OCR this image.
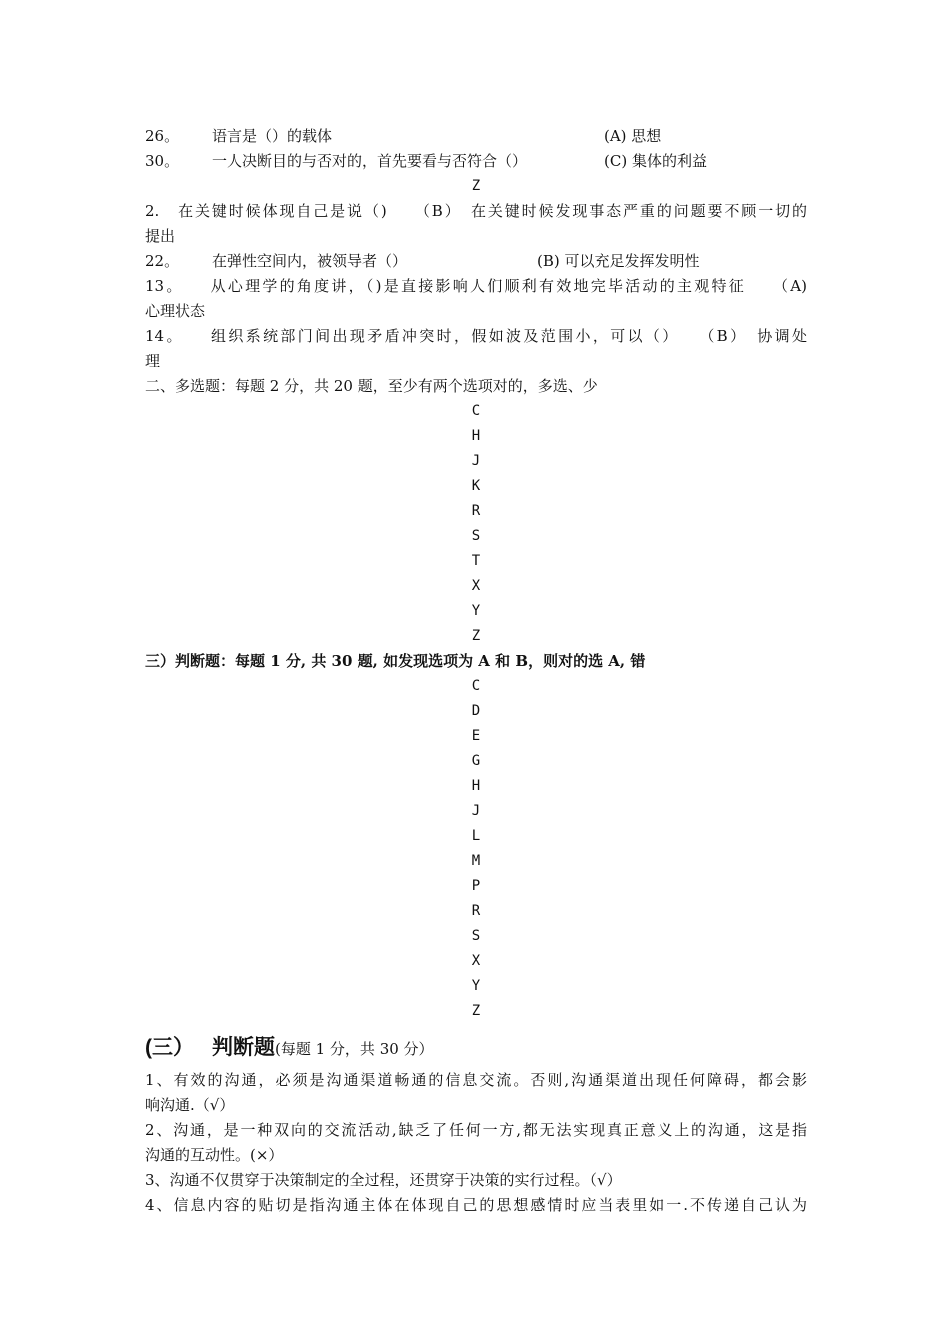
26。 语言是（）的载体	(A) 思想
30。 一人决断目的与否对的，首先要看与否符合（）	(C) 集体的利益
Z
2.　在关键时候体现自己是说（)　　（B）　在关键时候发现事态严重的问题要不顾一切的
提出
22。 在弹性空间内，被领导者（）	(B) 可以充足发挥发明性
13。　　从心理学的角度讲，（)是直接影响人们顺利有效地完毕活动的主观特征　　（A)
心理状态
14。　　组织系统部门间出现矛盾冲突时，假如波及范围小，可以（）　　（B）　协调处
理
二、多选题：每题 2 分，共 20 题，至少有两个选项对的，多选、少
C
H
J
K
R
S
T
X
Y
Z
三）判断题：每题 1 分, 共 30 题, 如发现选项为 A 和 B，则对的选 A, 错
C
D
E
G
H
J
L
M
P
R
S
X
Y
Z
(三） 判断题(每题 1 分，共 30 分）
1、有效的沟通，必须是沟通渠道畅通的信息交流。否则,沟通渠道出现任何障碍，都会影
响沟通.（√）
2、沟通，是一种双向的交流活动,缺乏了任何一方,都无法实现真正意义上的沟通，这是指
沟通的互动性。(×）
3、沟通不仅贯穿于决策制定的全过程，还贯穿于决策的实行过程。（√）
4、信息内容的贴切是指沟通主体在体现自己的思想感情时应当表里如一.不传递自己认为
